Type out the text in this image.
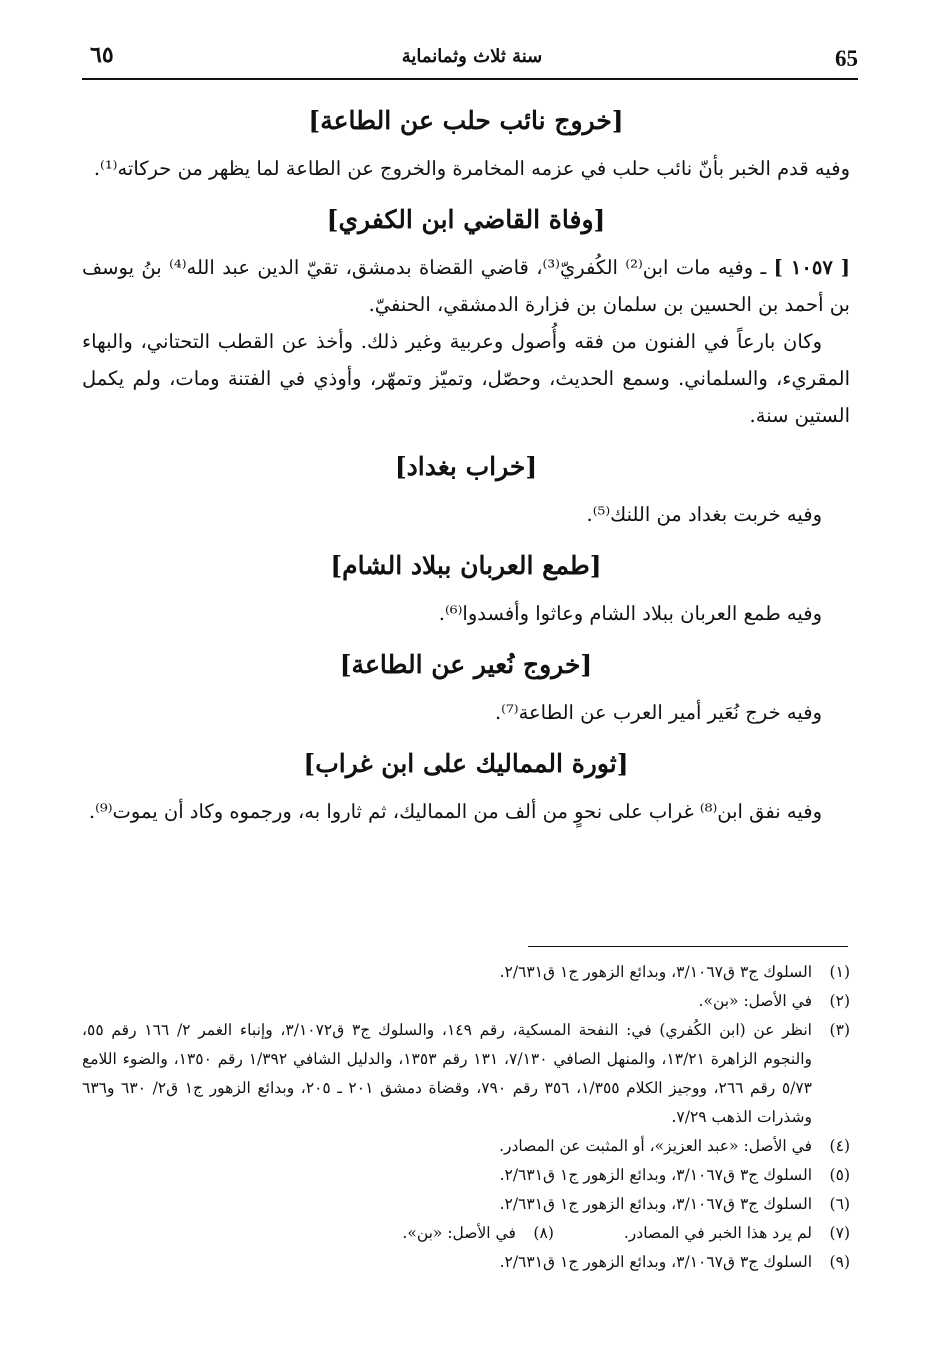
٦٥	سنة ثلاث وثمانماية	65
[خروج نائب حلب عن الطاعة]

وفيه قدم الخبر بأنّ نائب حلب في عزمه المخامرة والخروج عن الطاعة لما يظهر من حركاته⁽¹⁾.

[وفاة القاضي ابن الكفري]

[ ١٠٥٧ ] ـ وفيه مات ابن⁽²⁾ الكُفريّ⁽³⁾، قاضي القضاة بدمشق، تقيّ الدين عبد الله⁽⁴⁾ بنُ يوسف بن أحمد بن الحسين بن سلمان بن فزارة الدمشقي، الحنفيّ.

وكان بارعاً في الفنون من فقه وأُصول وعربية وغير ذلك. وأخذ عن القطب التحتاني، والبهاء المقريء، والسلماني. وسمع الحديث، وحصّل، وتميّز وتمهّر، وأوذي في الفتنة ومات، ولم يكمل الستين سنة.

[خراب بغداد]

وفيه خربت بغداد من اللنك⁽⁵⁾.

[طمع العربان ببلاد الشام]

وفيه طمع العربان ببلاد الشام وعاثوا وأفسدوا⁽⁶⁾.

[خروج نُعير عن الطاعة]

وفيه خرج نُعَير أمير العرب عن الطاعة⁽⁷⁾.

[ثورة المماليك على ابن غراب]

وفيه نفق ابن⁽⁸⁾ غراب على نحوٍ من ألف من المماليك، ثم ثاروا به، ورجموه وكاد أن يموت⁽⁹⁾.

(١)
السلوك ج٣ ق٣/١٠٦٧، وبدائع الزهور ج١ ق٢/٦٣١.
(٢)
في الأصل: «بن».
(٣)
انظر عن (ابن الكُفري) في: النفحة المسكية، رقم ١٤٩، والسلوك ج٣ ق٣/١٠٧٢، وإنباء الغمر ٢/ ١٦٦ رقم ٥٥، والنجوم الزاهرة ١٣/٢١، والمنهل الصافي ٧/١٣٠، ١٣١ رقم ١٣٥٣، والدليل الشافي ١/٣٩٢ رقم ١٣٥٠، والضوء اللامع ٥/٧٣ رقم ٢٦٦، ووجيز الكلام ١/٣٥٥، ٣٥٦ رقم ٧٩٠، وقضاة دمشق ٢٠١ ـ ٢٠٥، وبدائع الزهور ج١ ق٢/ ٦٣٠ و٦٣٦ وشذرات الذهب ٧/٢٩.
(٤)
في الأصل: «عبد العزيز»، أو المثبت عن المصادر.
(٥)
السلوك ج٣ ق٣/١٠٦٧، وبدائع الزهور ج١ ق٢/٦٣١.
(٦)
السلوك ج٣ ق٣/١٠٦٧، وبدائع الزهور ج١ ق٢/٦٣١.
(٧)
لم يرد هذا الخبر في المصادر.
(٨)
في الأصل: «بن».
(٩)
السلوك ج٣ ق٣/١٠٦٧، وبدائع الزهور ج١ ق٢/٦٣١.
